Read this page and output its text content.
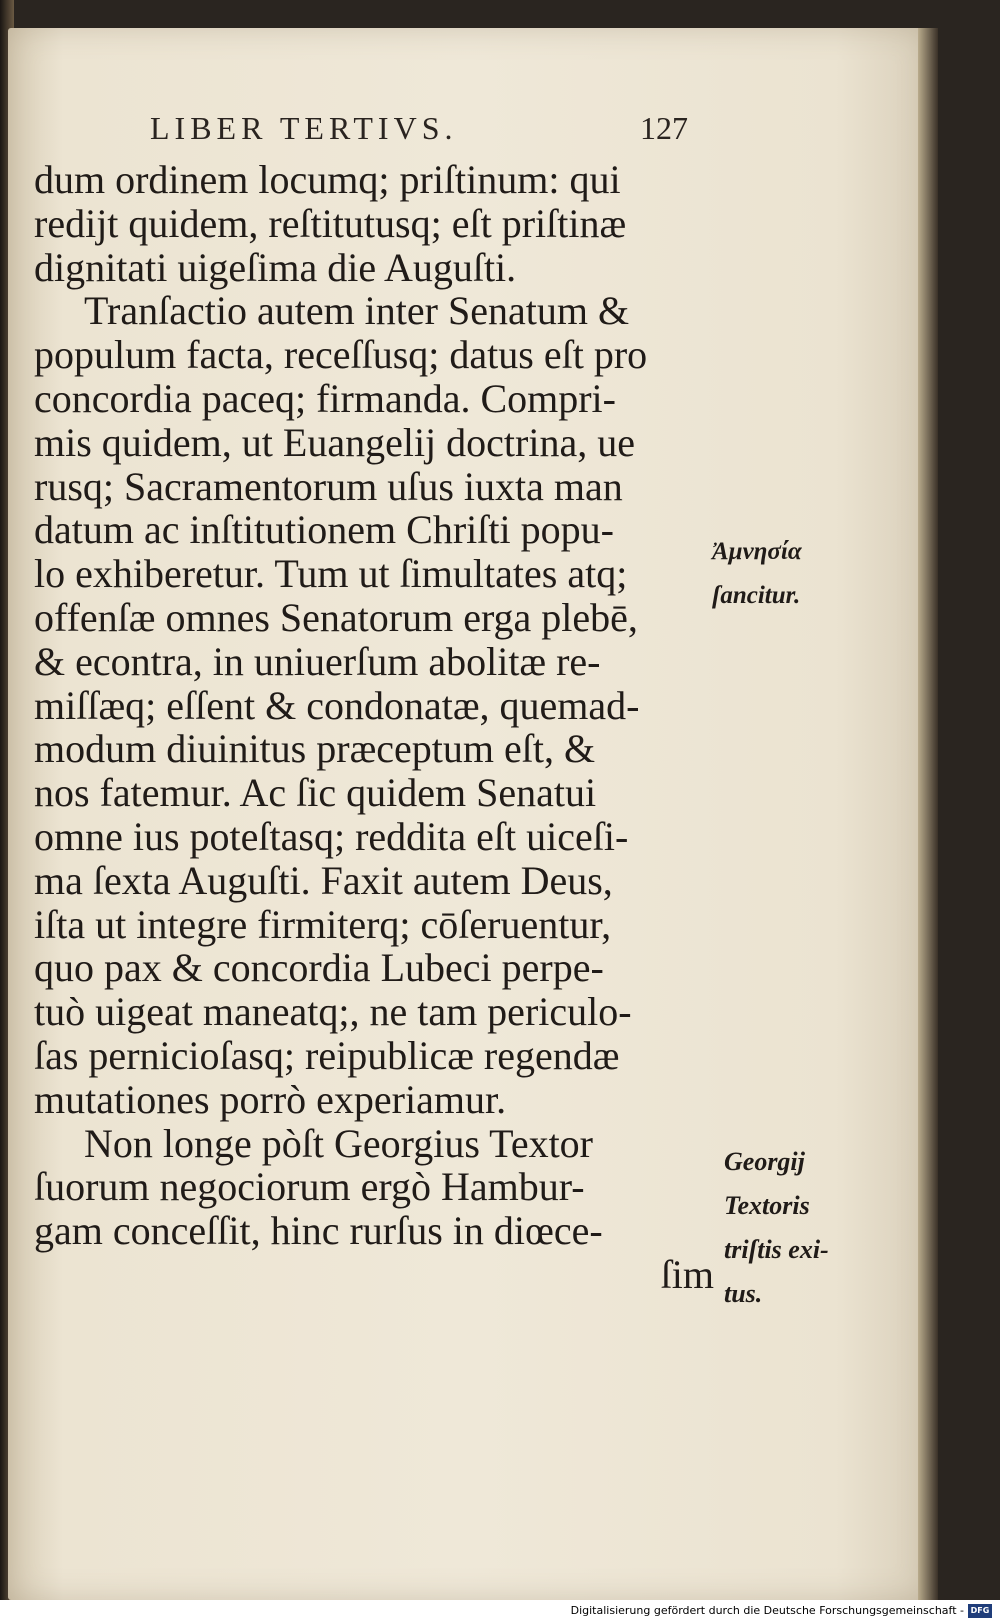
LIBER TERTIVS.	127
dum ordinem locumq; priſtinum: qui
rediјt quidem, reſtitutusq; eſt priſtinæ
dignitati uigeſima die Auguſti.
Tranſactio autem inter Senatum &
populum facta, receſſusq; datus eſt pro
concordia paceq; firmanda. Compri-
mis quidem, ut Euangelij doctrina, ue
rusq; Sacramentorum uſus iuxta man
datum ac inſtitutionem Chriſti popu-
lo exhiberetur. Tum ut ſimultates atq;
offenſæ omnes Senatorum erga plebē,
& econtra, in uniuerſum abolitæ re-
miſſæq; eſſent & condonatæ, quemad-
modum diuinitus præceptum eſt, &
nos fatemur. Ac ſic quidem Senatui
omne ius poteſtasq; reddita eſt uiceſi-
ma ſexta Auguſti. Faxit autem Deus,
iſta ut integre firmiterq; cōſeruentur,
quo pax & concordia Lubeci perpe-
tuò uigeat maneatq;, ne tam periculo-
ſas pernicioſasq; reipublicæ regendæ
mutationes porrò experiamur.
Non longe pòſt Georgius Textor
ſuorum negociorum ergò Hambur-
gam conceſſit, hinc rurſus in diœce-
ſim
Ἀμνησία
ſancitur.
Georgij
Textoris
triſtis exi-
tus.
Digitalisierung gefördert durch die Deutsche Forschungsgemeinschaft - DFG
